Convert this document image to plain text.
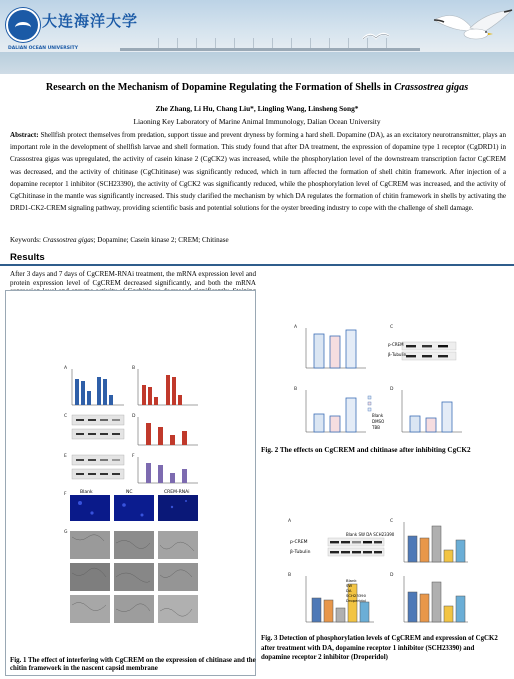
大连海洋大学
DALIAN OCEAN UNIVERSITY
Research on the Mechanism of Dopamine Regulating the Formation of Shells in Crassostrea gigas
Zhe Zhang, Li Hu, Chang Liu*, Lingling Wang, Linsheng Song*
Liaoning Key Laboratory of Marine Animal Immunology, Dalian Ocean University
Abstract: Shellfish protect themselves from predation, support tissue and prevent dryness by forming a hard shell. Dopamine (DA), as an excitatory neurotransmitter, plays an important role in the development of shellfish larvae and shell formation. This study found that after DA treatment, the expression of dopamine type 1 receptor (CgDRD1) in Crassostrea gigas was upregulated, the activity of casein kinase 2 (CgCK2) was increased, while the phosphorylation level of the downstream transcription factor CgCREM was decreased, and the activity of chitinase (CgChitinase) was significantly reduced, which in turn affected the formation of shell chitin framework. After injection of a dopamine receptor 1 inhibitor (SCH23390), the activity of CgCK2 was significantly reduced, while the phosphorylation level of CgCREM was increased, and the activity of CgChitinase in the mantle was significantly increased. This study clarified the mechanism by which DA regulates the formation of chitin framework in shells by activating the DRD1-CK2-CREM signaling pathway, providing scientific basis and potential solutions for the oyster breeding industry to cope with the challenge of shell damage.
Keywords: Crassostrea gigas; Dopamine; Casein kinase 2; CREM; Chitinase
Results
After 3 days and 7 days of CgCREM-RNAi treatment, the mRNA expression level and protein expression level of CgCREM decreased significantly, and both the mRNA
A	B
C	D
E	F
F
G
Blank	NC	CREM-RNAi
Fig. 1 The effect of interfering with CgCREM on the expression of chitinase and the chitin framework in the nascent capsid membrane
A	C
B	D
Blank
DMSO
TBB
p-CREM
β-Tubulin
Fig. 2 The effects on CgCREM and chitinase after inhibiting CgCK2
A
B
C
D
p-CREM
β-Tubulin
Blank SW DA SCH23390
Blank
SW
DA
SCH23390
Droperidol
Fig. 3 Detection of phosphorylation levels of CgCREM and expression of CgCK2 after treatment with DA, dopamine receptor 1 inhibitor (SCH23390) and dopamine receptor 2 inhibitor (Droperidol)
